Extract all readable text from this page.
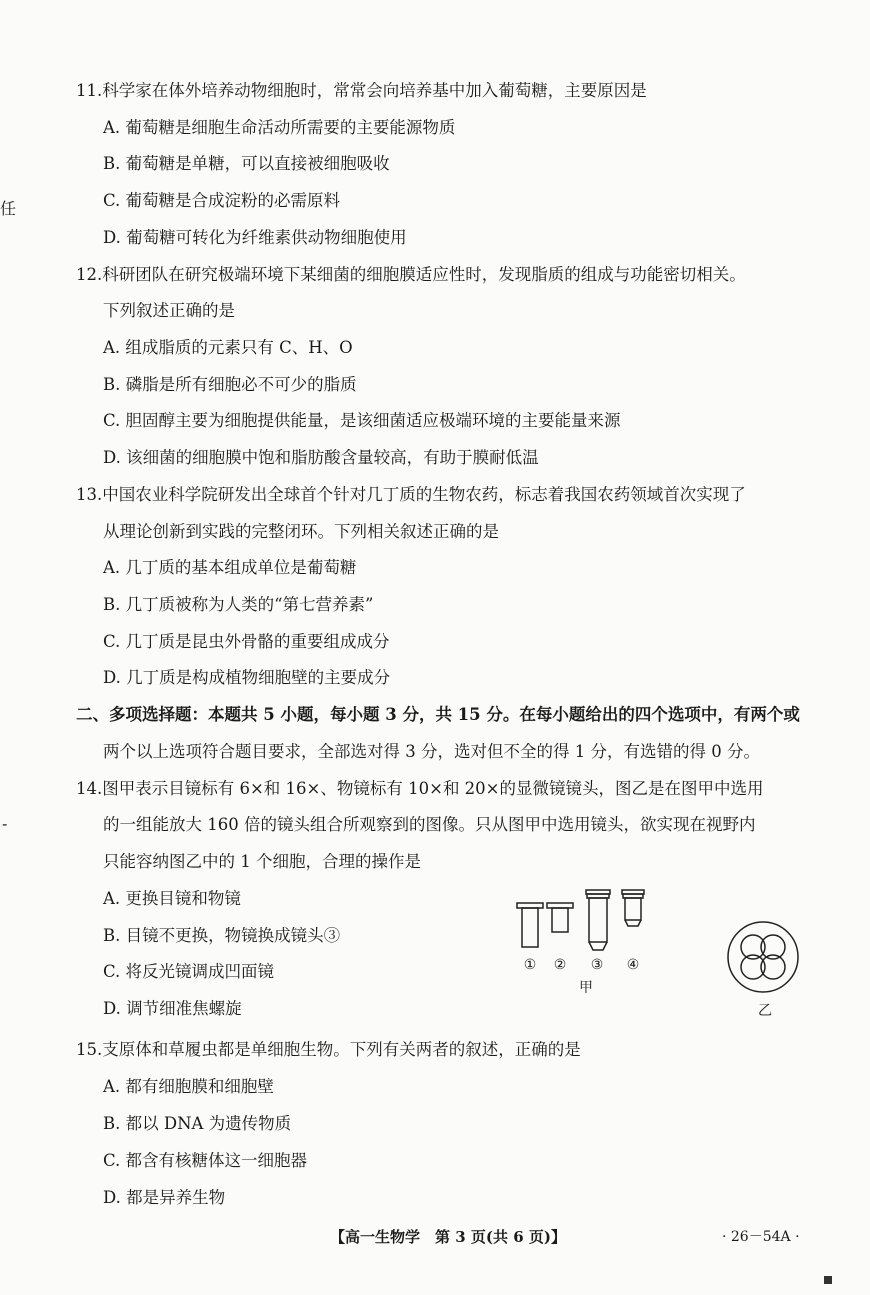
任
-
11.科学家在体外培养动物细胞时，常常会向培养基中加入葡萄糖，主要原因是
A. 葡萄糖是细胞生命活动所需要的主要能源物质
B. 葡萄糖是单糖，可以直接被细胞吸收
C. 葡萄糖是合成淀粉的必需原料
D. 葡萄糖可转化为纤维素供动物细胞使用
12.科研团队在研究极端环境下某细菌的细胞膜适应性时，发现脂质的组成与功能密切相关。
下列叙述正确的是
A. 组成脂质的元素只有 C、H、O
B. 磷脂是所有细胞必不可少的脂质
C. 胆固醇主要为细胞提供能量，是该细菌适应极端环境的主要能量来源
D. 该细菌的细胞膜中饱和脂肪酸含量较高，有助于膜耐低温
13.中国农业科学院研发出全球首个针对几丁质的生物农药，标志着我国农药领域首次实现了
从理论创新到实践的完整闭环。下列相关叙述正确的是
A. 几丁质的基本组成单位是葡萄糖
B. 几丁质被称为人类的“第七营养素”
C. 几丁质是昆虫外骨骼的重要组成成分
D. 几丁质是构成植物细胞壁的主要成分
二、多项选择题：本题共 5 小题，每小题 3 分，共 15 分。在每小题给出的四个选项中，有两个或
两个以上选项符合题目要求，全部选对得 3 分，选对但不全的得 1 分，有选错的得 0 分。
14.图甲表示目镜标有 6×和 16×、物镜标有 10×和 20×的显微镜镜头，图乙是在图甲中选用
的一组能放大 160 倍的镜头组合所观察到的图像。只从图甲中选用镜头，欲实现在视野内
只能容纳图乙中的 1 个细胞，合理的操作是
A. 更换目镜和物镜
B. 目镜不更换，物镜换成镜头③
C. 将反光镜调成凹面镜
D. 调节细准焦螺旋
① ② ③ ④
甲
乙
15.支原体和草履虫都是单细胞生物。下列有关两者的叙述，正确的是
A. 都有细胞膜和细胞壁
B. 都以 DNA 为遗传物质
C. 都含有核糖体这一细胞器
D. 都是异养生物
【高一生物学　第 3 页(共 6 页)】	· 26－54A ·
